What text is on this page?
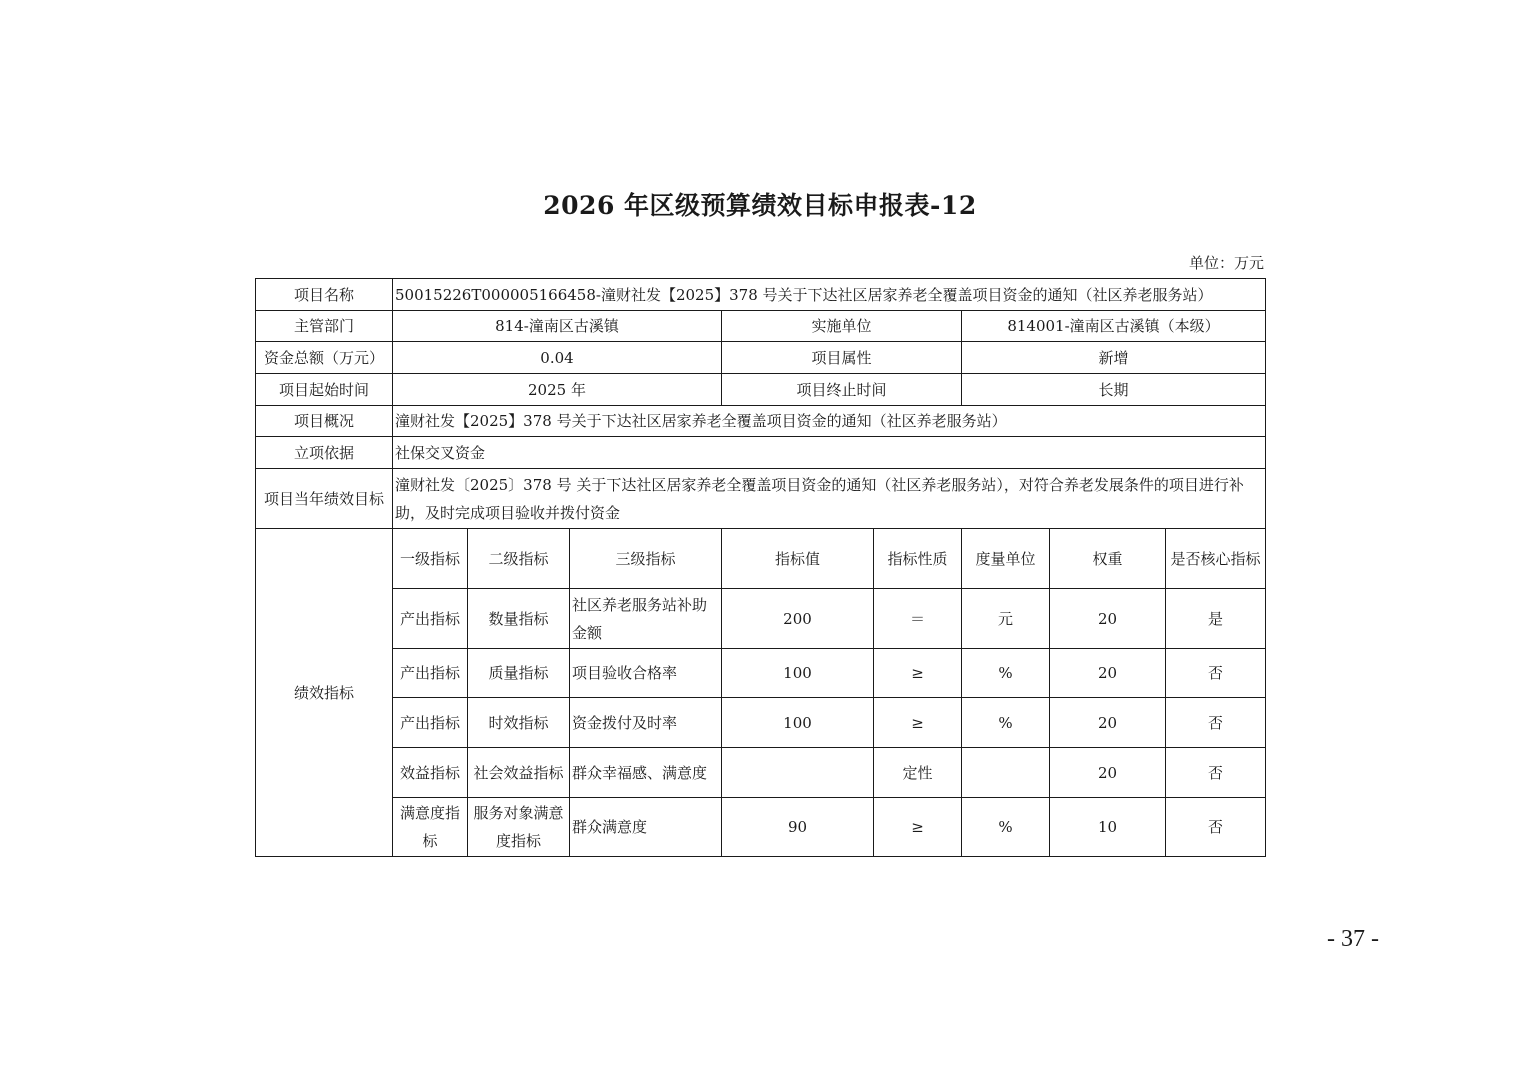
2026 年区级预算绩效目标申报表-12
单位：万元
项目名称	50015226T000005166458-潼财社发【2025】378 号关于下达社区居家养老全覆盖项目资金的通知（社区养老服务站）							
主管部门	814-潼南区古溪镇			实施单位		814001-潼南区古溪镇（本级）		
资金总额（万元）	0.04			项目属性		新增		
项目起始时间	2025 年			项目终止时间		长期		
项目概况	潼财社发【2025】378 号关于下达社区居家养老全覆盖项目资金的通知（社区养老服务站）							
立项依据	社保交叉资金							
项目当年绩效目标	潼财社发〔2025〕378 号 关于下达社区居家养老全覆盖项目资金的通知（社区养老服务站），对符合养老发展条件的项目进行补助，及时完成项目验收并拨付资金							
绩效指标	一级指标	二级指标	三级指标	指标值	指标性质	度量单位	权重	是否核心指标
	产出指标	数量指标	社区养老服务站补助金额	200	＝	元	20	是
	产出指标	质量指标	项目验收合格率	100	≥	%	20	否
	产出指标	时效指标	资金拨付及时率	100	≥	%	20	否
	效益指标	社会效益指标	群众幸福感、满意度		定性		20	否
	满意度指标	服务对象满意度指标	群众满意度	90	≥	%	10	否
- 37 -
